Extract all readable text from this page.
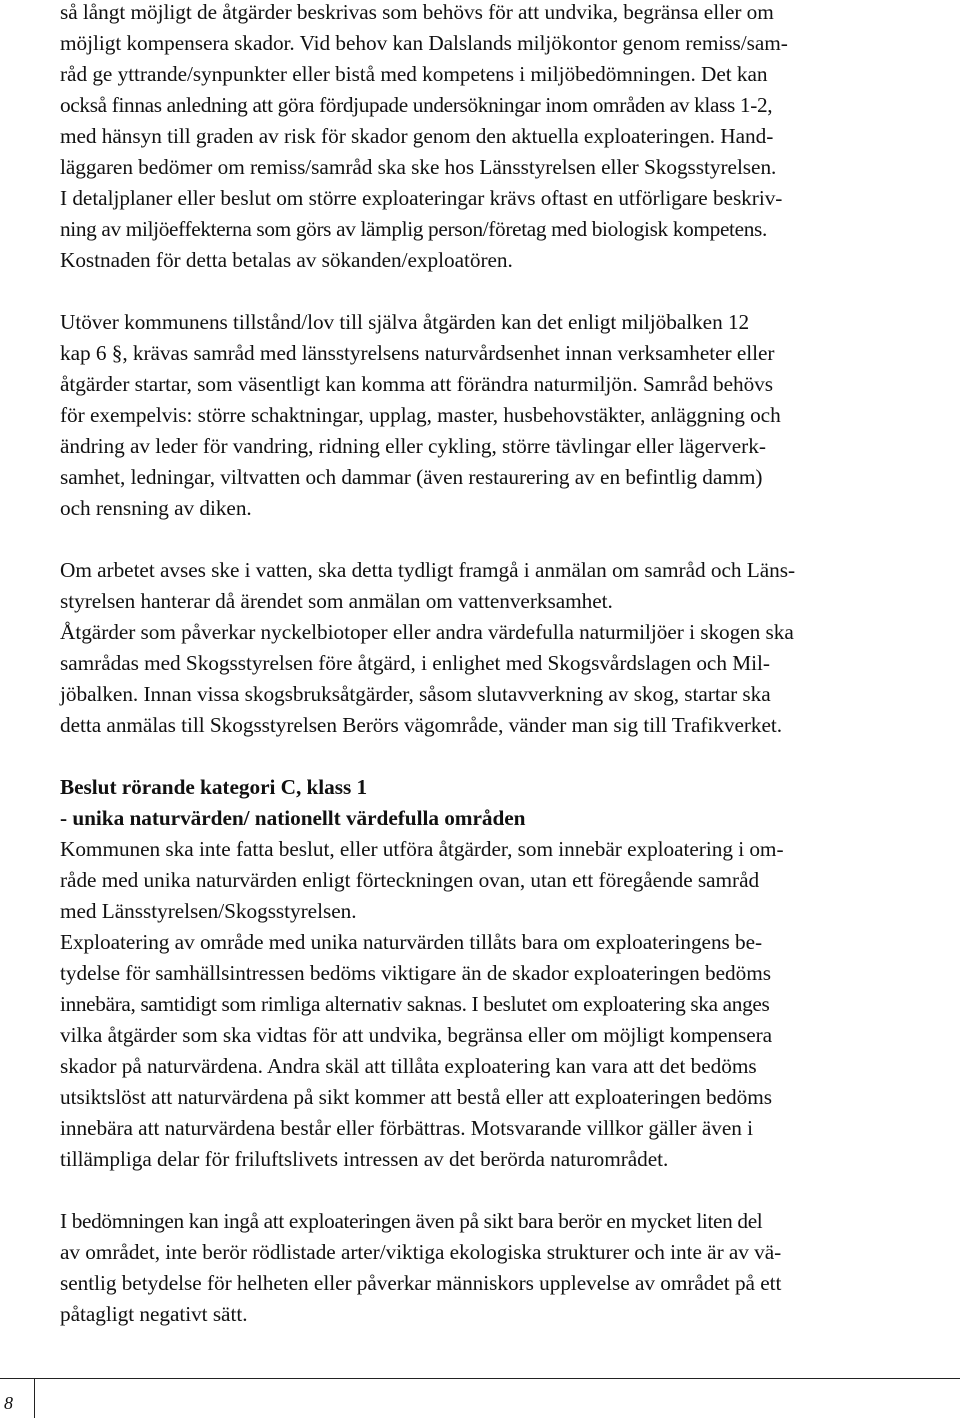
så långt möjligt de åtgärder beskrivas som behövs för att undvika, begränsa eller om
möjligt kompensera skador. Vid behov kan Dalslands miljökontor genom remiss/sam-
råd ge yttrande/synpunkter eller bistå med kompetens i miljöbedömningen. Det kan
också finnas anledning att göra fördjupade undersökningar inom områden av klass 1-2,
med hänsyn till graden av risk för skador genom den aktuella exploateringen. Hand-
läggaren bedömer om remiss/samråd ska ske hos Länsstyrelsen eller Skogsstyrelsen.
I detaljplaner eller beslut om större exploateringar krävs oftast en utförligare beskriv-
ning av miljöeffekterna som görs av lämplig person/företag med biologisk kompetens.
Kostnaden för detta betalas av sökanden/exploatören.
Utöver kommunens tillstånd/lov till själva åtgärden kan det enligt miljöbalken 12
kap 6 §, krävas samråd med länsstyrelsens naturvårdsenhet innan verksamheter eller
åtgärder startar, som väsentligt kan komma att förändra naturmiljön. Samråd behövs
för exempelvis: större schaktningar, upplag, master, husbehovstäkter, anläggning och
ändring av leder för vandring, ridning eller cykling, större tävlingar eller lägerverk-
samhet, ledningar, viltvatten och dammar (även restaurering av en befintlig damm)
och rensning av diken.
Om arbetet avses ske i vatten, ska detta tydligt framgå i anmälan om samråd och Läns-
styrelsen hanterar då ärendet som anmälan om vattenverksamhet.
Åtgärder som påverkar nyckelbiotoper eller andra värdefulla naturmiljöer i skogen ska
samrådas med Skogsstyrelsen före åtgärd, i enlighet med Skogsvårdslagen och Mil-
jöbalken. Innan vissa skogsbruksåtgärder, såsom slutavverkning av skog, startar ska
detta anmälas till Skogsstyrelsen Berörs vägområde, vänder man sig till Trafikverket.
Beslut rörande kategori C, klass 1
- unika naturvärden/ nationellt värdefulla områden
Kommunen ska inte fatta beslut, eller utföra åtgärder, som innebär exploatering i om-
råde med unika naturvärden enligt förteckningen ovan, utan ett föregående samråd
med Länsstyrelsen/Skogsstyrelsen.
Exploatering av område med unika naturvärden tillåts bara om exploateringens be-
tydelse för samhällsintressen bedöms viktigare än de skador exploateringen bedöms
innebära, samtidigt som rimliga alternativ saknas. I beslutet om exploatering ska anges
vilka åtgärder som ska vidtas för att undvika, begränsa eller om möjligt kompensera
skador på naturvärdena. Andra skäl att tillåta exploatering kan vara att det bedöms
utsiktslöst att naturvärdena på sikt kommer att bestå eller att exploateringen bedöms
innebära att naturvärdena består eller förbättras. Motsvarande villkor gäller även i
tillämpliga delar för friluftslivets intressen av det berörda naturområdet.
I bedömningen kan ingå att exploateringen även på sikt bara berör en mycket liten del
av området, inte berör rödlistade arter/viktiga ekologiska strukturer och inte är av vä-
sentlig betydelse för helheten eller påverkar människors upplevelse av området på ett
påtagligt negativt sätt.
8
